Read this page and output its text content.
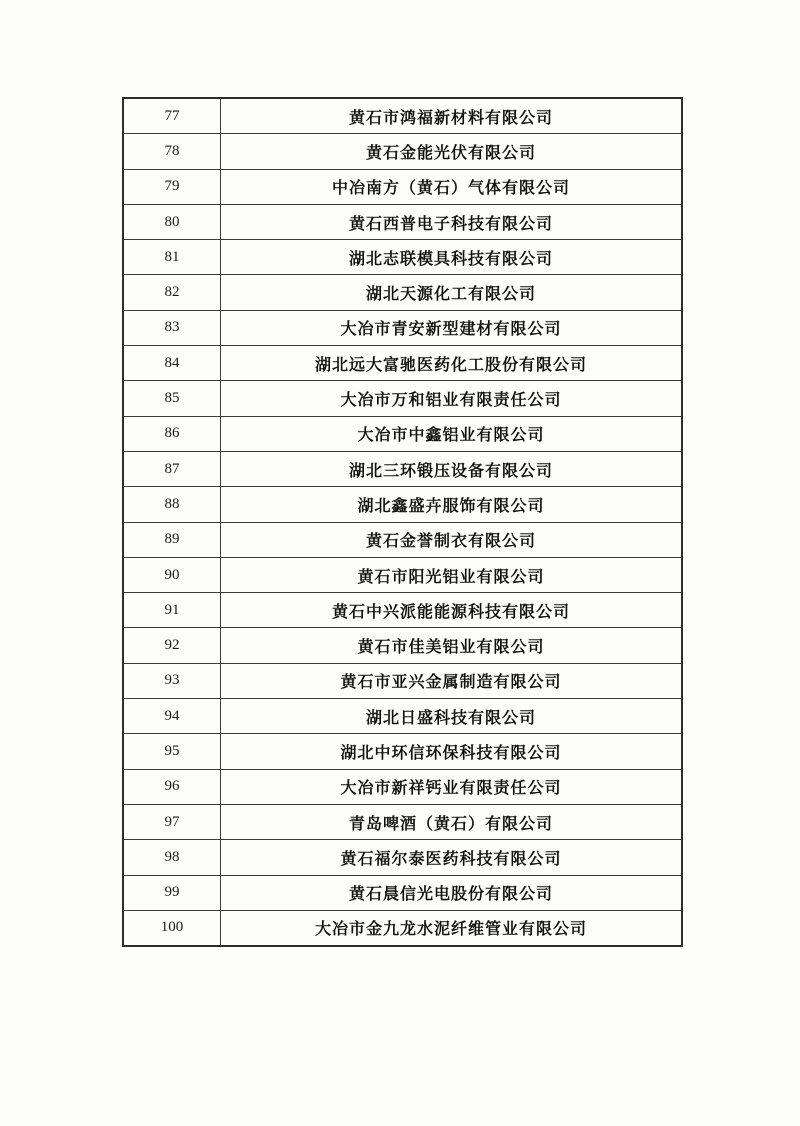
77	黄石市鸿福新材料有限公司
78	黄石金能光伏有限公司
79	中冶南方（黄石）气体有限公司
80	黄石西普电子科技有限公司
81	湖北志联模具科技有限公司
82	湖北天源化工有限公司
83	大冶市青安新型建材有限公司
84	湖北远大富驰医药化工股份有限公司
85	大冶市万和铝业有限责任公司
86	大冶市中鑫铝业有限公司
87	湖北三环锻压设备有限公司
88	湖北鑫盛卉服饰有限公司
89	黄石金誉制衣有限公司
90	黄石市阳光铝业有限公司
91	黄石中兴派能能源科技有限公司
92	黄石市佳美铝业有限公司
93	黄石市亚兴金属制造有限公司
94	湖北日盛科技有限公司
95	湖北中环信环保科技有限公司
96	大冶市新祥钙业有限责任公司
97	青岛啤酒（黄石）有限公司
98	黄石福尔泰医药科技有限公司
99	黄石晨信光电股份有限公司
100	大冶市金九龙水泥纤维管业有限公司
